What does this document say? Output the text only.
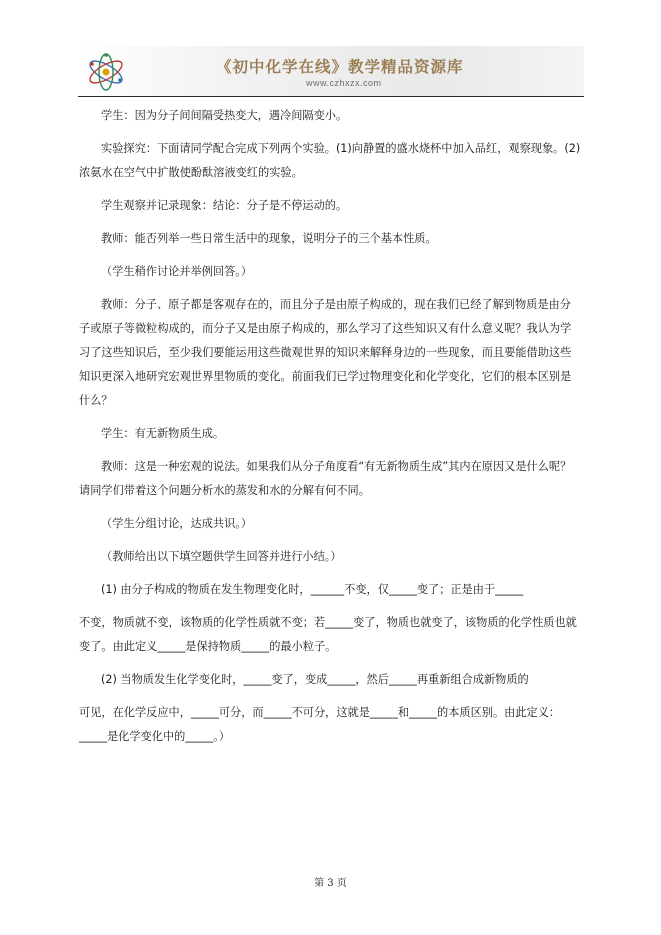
《初中化学在线》教学精品资源库
www.czhxzx.com

学生：因为分子间间隔受热变大，遇冷间隔变小。

实验探究：下面请同学配合完成下列两个实验。(1)向静置的盛水烧杯中加入品红，观察现象。(2)浓氨水在空气中扩散使酚酞溶液变红的实验。

学生观察并记录现象：结论：分子是不停运动的。

教师：能否列举一些日常生活中的现象，说明分子的三个基本性质。

（学生稍作讨论并举例回答。）

教师：分子、原子都是客观存在的，而且分子是由原子构成的，现在我们已经了解到物质是由分子或原子等微粒构成的，而分子又是由原子构成的，那么学习了这些知识又有什么意义呢？我认为学习了这些知识后，至少我们要能运用这些微观世界的知识来解释身边的一些现象，而且要能借助这些知识更深入地研究宏观世界里物质的变化。前面我们已学过物理变化和化学变化，它们的根本区别是什么？

学生：有无新物质生成。

教师：这是一种宏观的说法。如果我们从分子角度看“有无新物质生成”其内在原因又是什么呢？请同学们带着这个问题分析水的蒸发和水的分解有何不同。

（学生分组讨论，达成共识。）

（教师给出以下填空题供学生回答并进行小结。）

(1) 由分子构成的物质在发生物理变化时，______不变，仅_____变了；正是由于_____

不变，物质就不变，该物质的化学性质就不变；若_____变了，物质也就变了，该物质的化学性质也就变了。由此定义_____是保持物质_____的最小粒子。

(2) 当物质发生化学变化时，_____变了，变成_____，然后_____再重新组合成新物质的

可见，在化学反应中，_____可分，而_____不可分，这就是_____和_____的本质区别。由此定义：_____是化学变化中的_____。）

第 3 页
